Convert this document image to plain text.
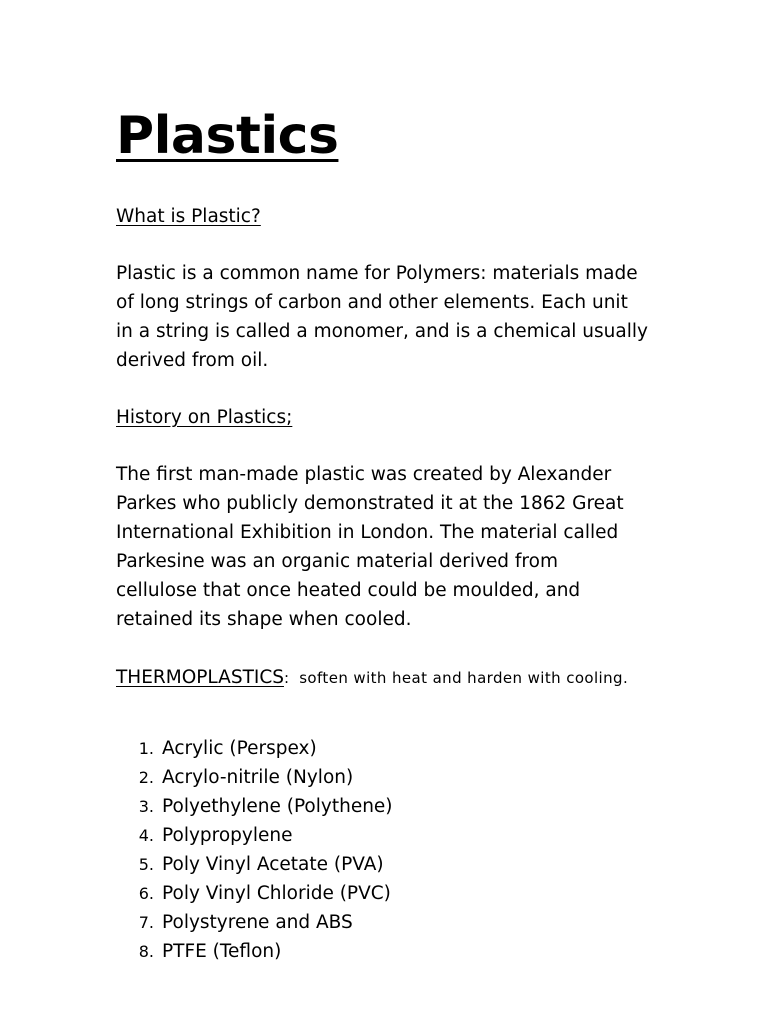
Plastics

What is Plastic?

Plastic is a common name for Polymers: materials made
of long strings of carbon and other elements. Each unit
in a string is called a monomer, and is a chemical usually
derived from oil.

History on Plastics;

The first man-made plastic was created by Alexander
Parkes who publicly demonstrated it at the 1862 Great
International Exhibition in London. The material called
Parkesine was an organic material derived from
cellulose that once heated could be moulded, and
retained its shape when cooled.

THERMOPLASTICS: soften with heat and harden with cooling.

1. Acrylic (Perspex)
2. Acrylo-nitrile (Nylon)
3. Polyethylene (Polythene)
4. Polypropylene
5. Poly Vinyl Acetate (PVA)
6. Poly Vinyl Chloride (PVC)
7. Polystyrene and ABS
8. PTFE (Teflon)
